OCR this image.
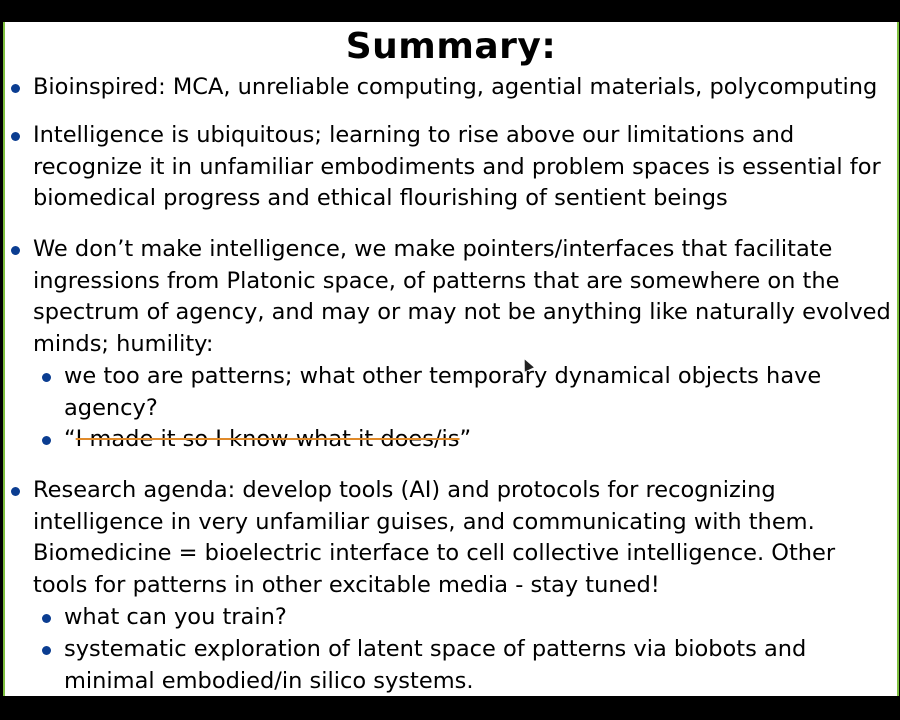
Summary:
Bioinspired: MCA, unreliable computing, agential materials, polycomputing
Intelligence is ubiquitous; learning to rise above our limitations and recognize it in unfamiliar embodiments and problem spaces is essential for biomedical progress and ethical flourishing of sentient beings
We don’t make intelligence, we make pointers/interfaces that facilitate ingressions from Platonic space, of patterns that are somewhere on the spectrum of agency, and may or may not be anything like naturally evolved minds; humility:
we too are patterns; what other temporary dynamical objects have agency?
“I made it so I know what it does/is”
Research agenda: develop tools (AI) and protocols for recognizing intelligence in very unfamiliar guises, and communicating with them. Biomedicine = bioelectric interface to cell collective intelligence. Other tools for patterns in other excitable media - stay tuned!
what can you train?
systematic exploration of latent space of patterns via biobots and minimal embodied/in silico systems.
